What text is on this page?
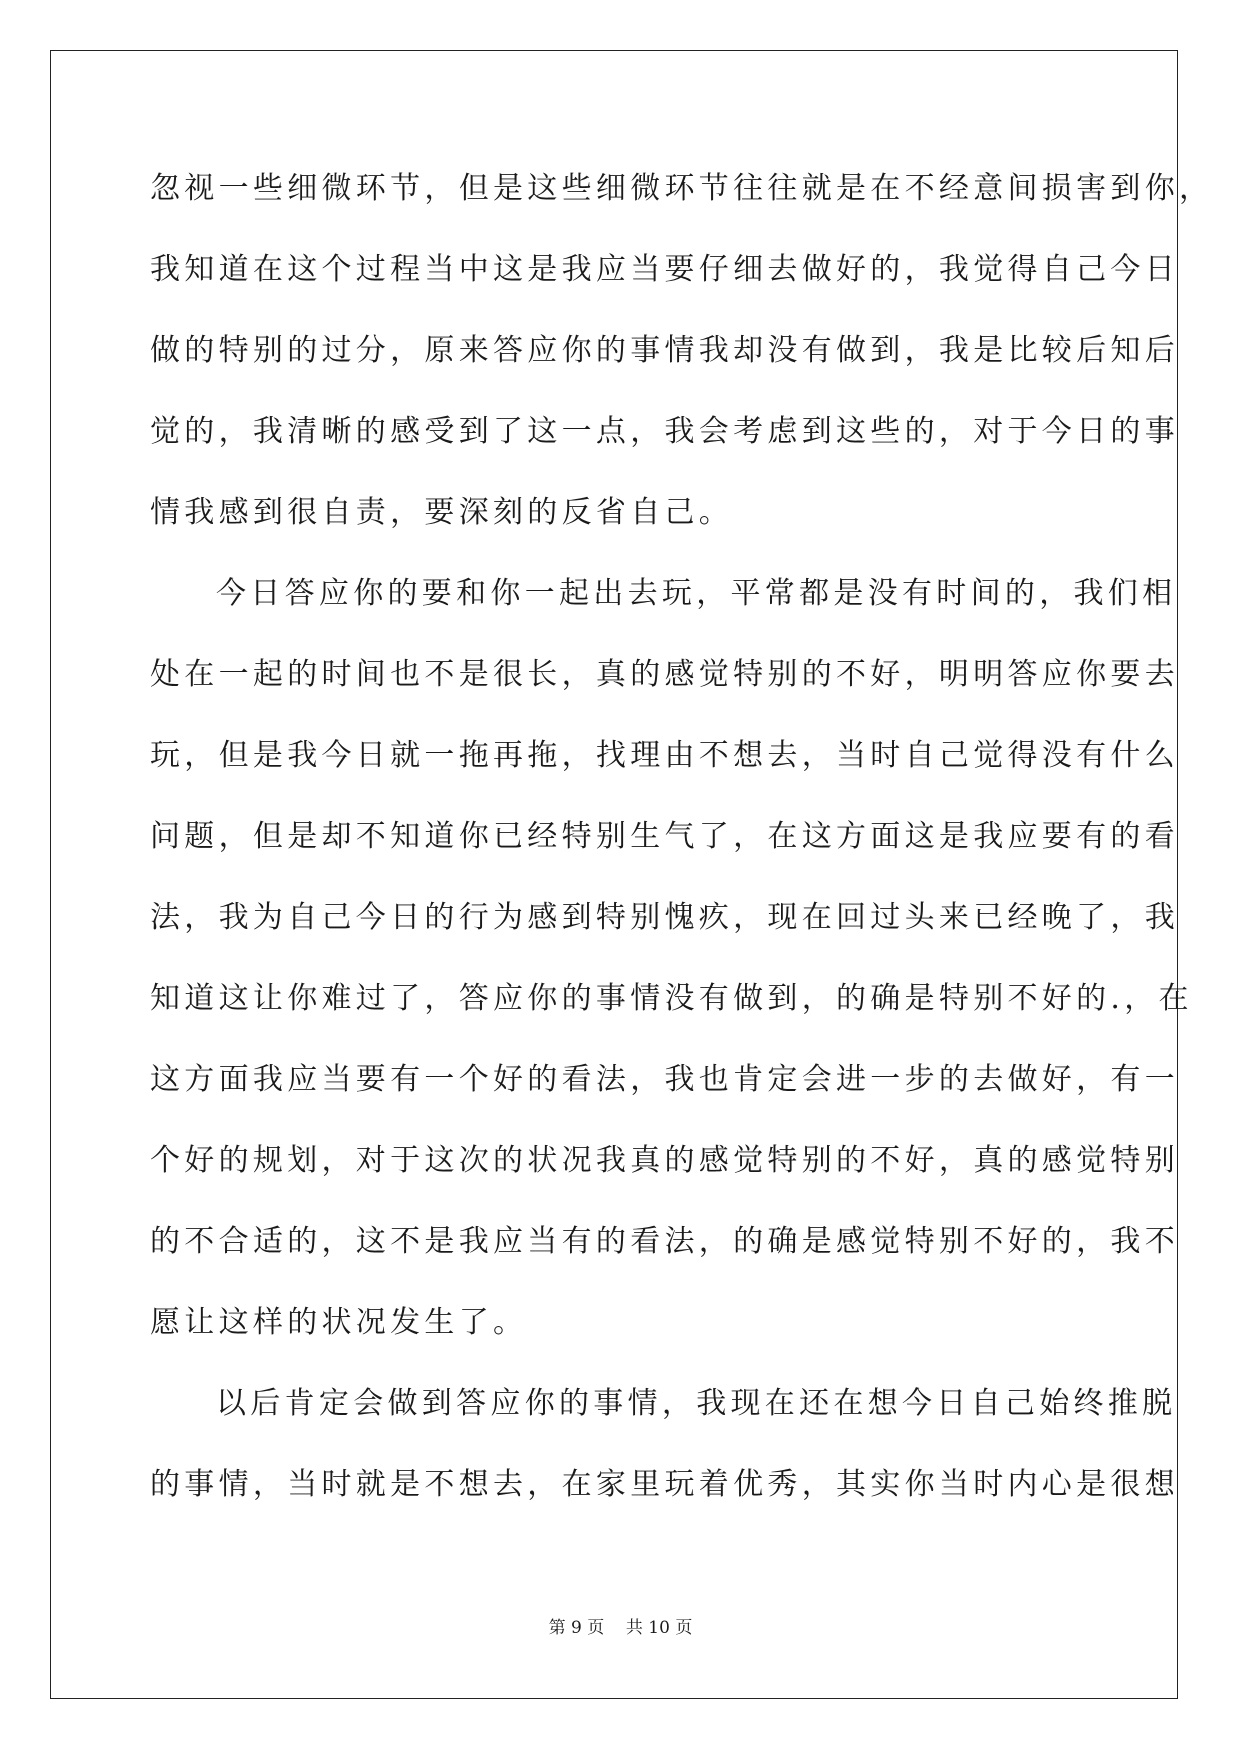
忽视一些细微环节，但是这些细微环节往往就是在不经意间损害到你，
我知道在这个过程当中这是我应当要仔细去做好的，我觉得自己今日
做的特别的过分，原来答应你的事情我却没有做到，我是比较后知后
觉的，我清晰的感受到了这一点，我会考虑到这些的，对于今日的事
情我感到很自责，要深刻的反省自己。
今日答应你的要和你一起出去玩，平常都是没有时间的，我们相
处在一起的时间也不是很长，真的感觉特别的不好，明明答应你要去
玩，但是我今日就一拖再拖，找理由不想去，当时自己觉得没有什么
问题，但是却不知道你已经特别生气了，在这方面这是我应要有的看
法，我为自己今日的行为感到特别愧疚，现在回过头来已经晚了，我
知道这让你难过了，答应你的事情没有做到，的确是特别不好的.，在
这方面我应当要有一个好的看法，我也肯定会进一步的去做好，有一
个好的规划，对于这次的状况我真的感觉特别的不好，真的感觉特别
的不合适的，这不是我应当有的看法，的确是感觉特别不好的，我不
愿让这样的状况发生了。
以后肯定会做到答应你的事情，我现在还在想今日自己始终推脱
的事情，当时就是不想去，在家里玩着优秀，其实你当时内心是很想
第 9 页    共 10 页
